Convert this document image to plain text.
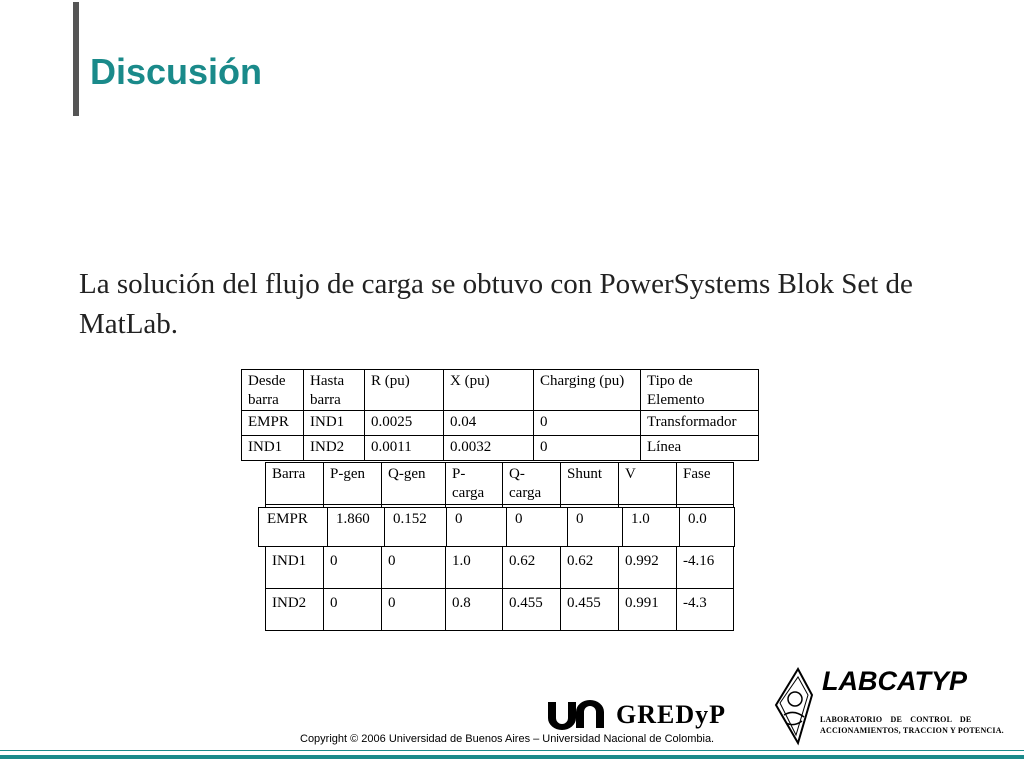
Discusión
La solución del flujo de carga se obtuvo con PowerSystems Blok Set de MatLab.
Desde barra	Hasta barra	R (pu)	X (pu)	Charging (pu)	Tipo de Elemento
EMPR	IND1	0.0025	0.04	0	Transformador
IND1	IND2	0.0011	0.0032	0	Línea
Barra	P-gen	Q-gen	P- carga	Q- carga	Shunt	V	Fase

IND1	0	0	1.0	0.62	0.62	0.992	-4.16
IND2	0	0	0.8	0.455	0.455	0.991	-4.3
EMPR	1.860	0.152	0	0	0	1.0	0.0
GREDyP
LABCATYP
LABORATORIO DE CONTROL DE
ACCIONAMIENTOS, TRACCION Y POTENCIA.
Copyright © 2006 Universidad de Buenos Aires – Universidad Nacional de Colombia.
